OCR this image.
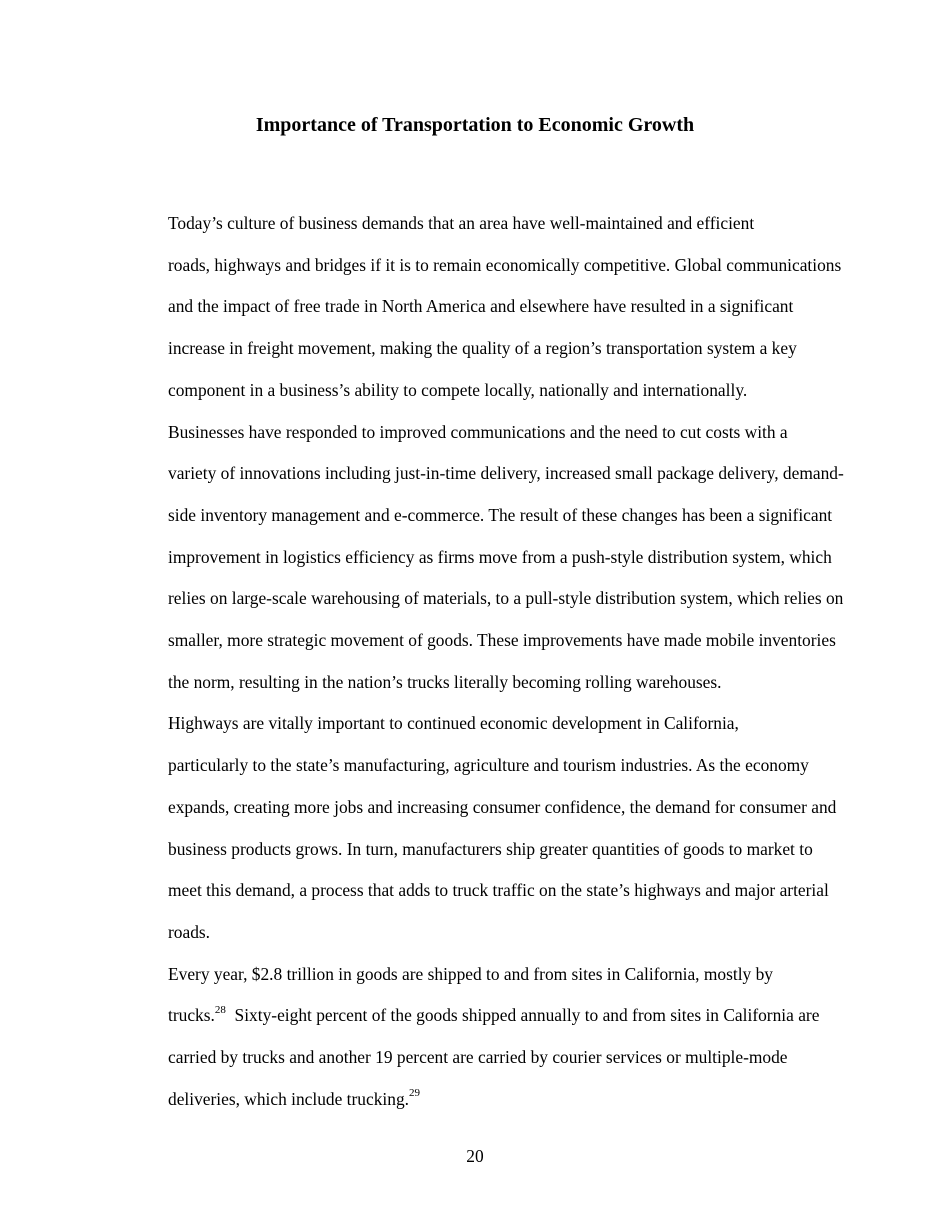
Importance of Transportation to Economic Growth

Today’s culture of business demands that an area have well-maintained and efficient
roads, highways and bridges if it is to remain economically competitive. Global communications
and the impact of free trade in North America and elsewhere have resulted in a significant
increase in freight movement, making the quality of a region’s transportation system a key
component in a business’s ability to compete locally, nationally and internationally.

Businesses have responded to improved communications and the need to cut costs with a
variety of innovations including just-in-time delivery, increased small package delivery, demand-
side inventory management and e-commerce. The result of these changes has been a significant
improvement in logistics efficiency as firms move from a push-style distribution system, which
relies on large-scale warehousing of materials, to a pull-style distribution system, which relies on
smaller, more strategic movement of goods. These improvements have made mobile inventories
the norm, resulting in the nation’s trucks literally becoming rolling warehouses.

Highways are vitally important to continued economic development in California,
particularly to the state’s manufacturing, agriculture and tourism industries. As the economy
expands, creating more jobs and increasing consumer confidence, the demand for consumer and
business products grows. In turn, manufacturers ship greater quantities of goods to market to
meet this demand, a process that adds to truck traffic on the state’s highways and major arterial
roads.

Every year, $2.8 trillion in goods are shipped to and from sites in California, mostly by
trucks.$^{28}$  Sixty-eight percent of the goods shipped annually to and from sites in California are
carried by trucks and another 19 percent are carried by courier services or multiple-mode
deliveries, which include trucking.$^{29}$

20
